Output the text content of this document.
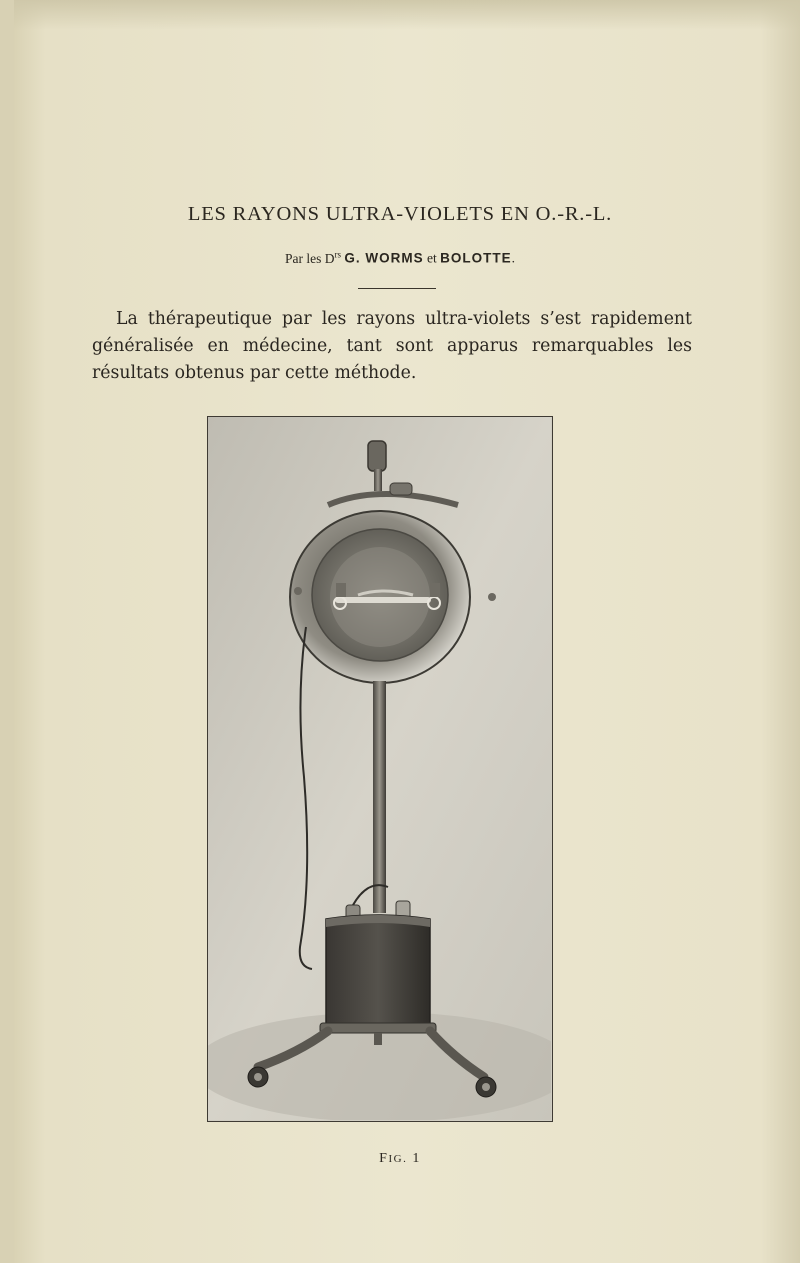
LES RAYONS ULTRA-VIOLETS EN O.-R.-L.
Par les $D^{rs}$ G. WORMS et BOLOTTE.

La thérapeutique par les rayons ultra-violets s’est rapidement généralisée en médecine, tant sont apparus remarquables les résultats obtenus par cette méthode.

FIG. 1
